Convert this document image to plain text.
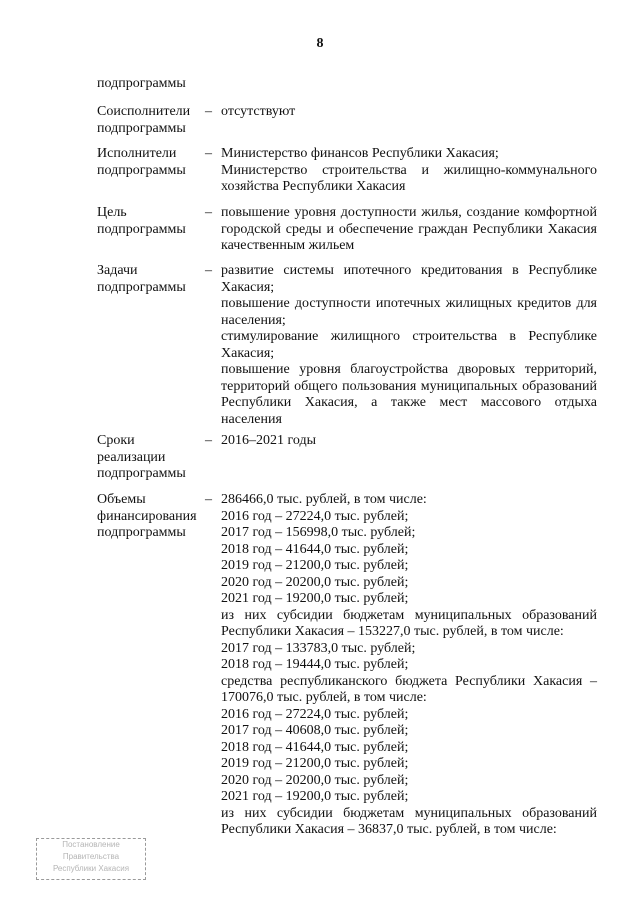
8
подпрограммы
Соисполнители
подпрограммы
– отсутствуют
Исполнители
подпрограммы
– Министерство финансов Республики Хакасия;
Министерство строительства и жилищно-коммунального хозяйства Республики Хакасия
Цель
подпрограммы
– повышение уровня доступности жилья, создание комфортной городской среды и обеспечение граждан Республики Хакасия качественным жильем
Задачи
подпрограммы
– развитие системы ипотечного кредитования в Республике Хакасия;
повышение доступности ипотечных жилищных кредитов для населения;
стимулирование жилищного строительства в Республике Хакасия;
повышение уровня благоустройства дворовых территорий, территорий общего пользования муниципальных образований Республики Хакасия, а также мест массового отдыха населения
Сроки
реализации
подпрограммы
– 2016–2021 годы
Объемы
финансирования
подпрограммы
– 286466,0 тыс. рублей, в том числе:
2016 год – 27224,0 тыс. рублей;
2017 год – 156998,0 тыс. рублей;
2018 год – 41644,0 тыс. рублей;
2019 год – 21200,0 тыс. рублей;
2020 год – 20200,0 тыс. рублей;
2021 год – 19200,0 тыс. рублей;
из них субсидии бюджетам муниципальных образований Республики Хакасия – 153227,0 тыс. рублей, в том числе:
2017 год – 133783,0 тыс. рублей;
2018 год – 19444,0 тыс. рублей;
средства республиканского бюджета Республики Хакасия – 170076,0 тыс. рублей, в том числе:
2016 год – 27224,0 тыс. рублей;
2017 год – 40608,0 тыс. рублей;
2018 год – 41644,0 тыс. рублей;
2019 год – 21200,0 тыс. рублей;
2020 год – 20200,0 тыс. рублей;
2021 год – 19200,0 тыс. рублей;
из них субсидии бюджетам муниципальных образований Республики Хакасия – 36837,0 тыс. рублей, в том числе:
Постановление
Правительства
Республики Хакасия
